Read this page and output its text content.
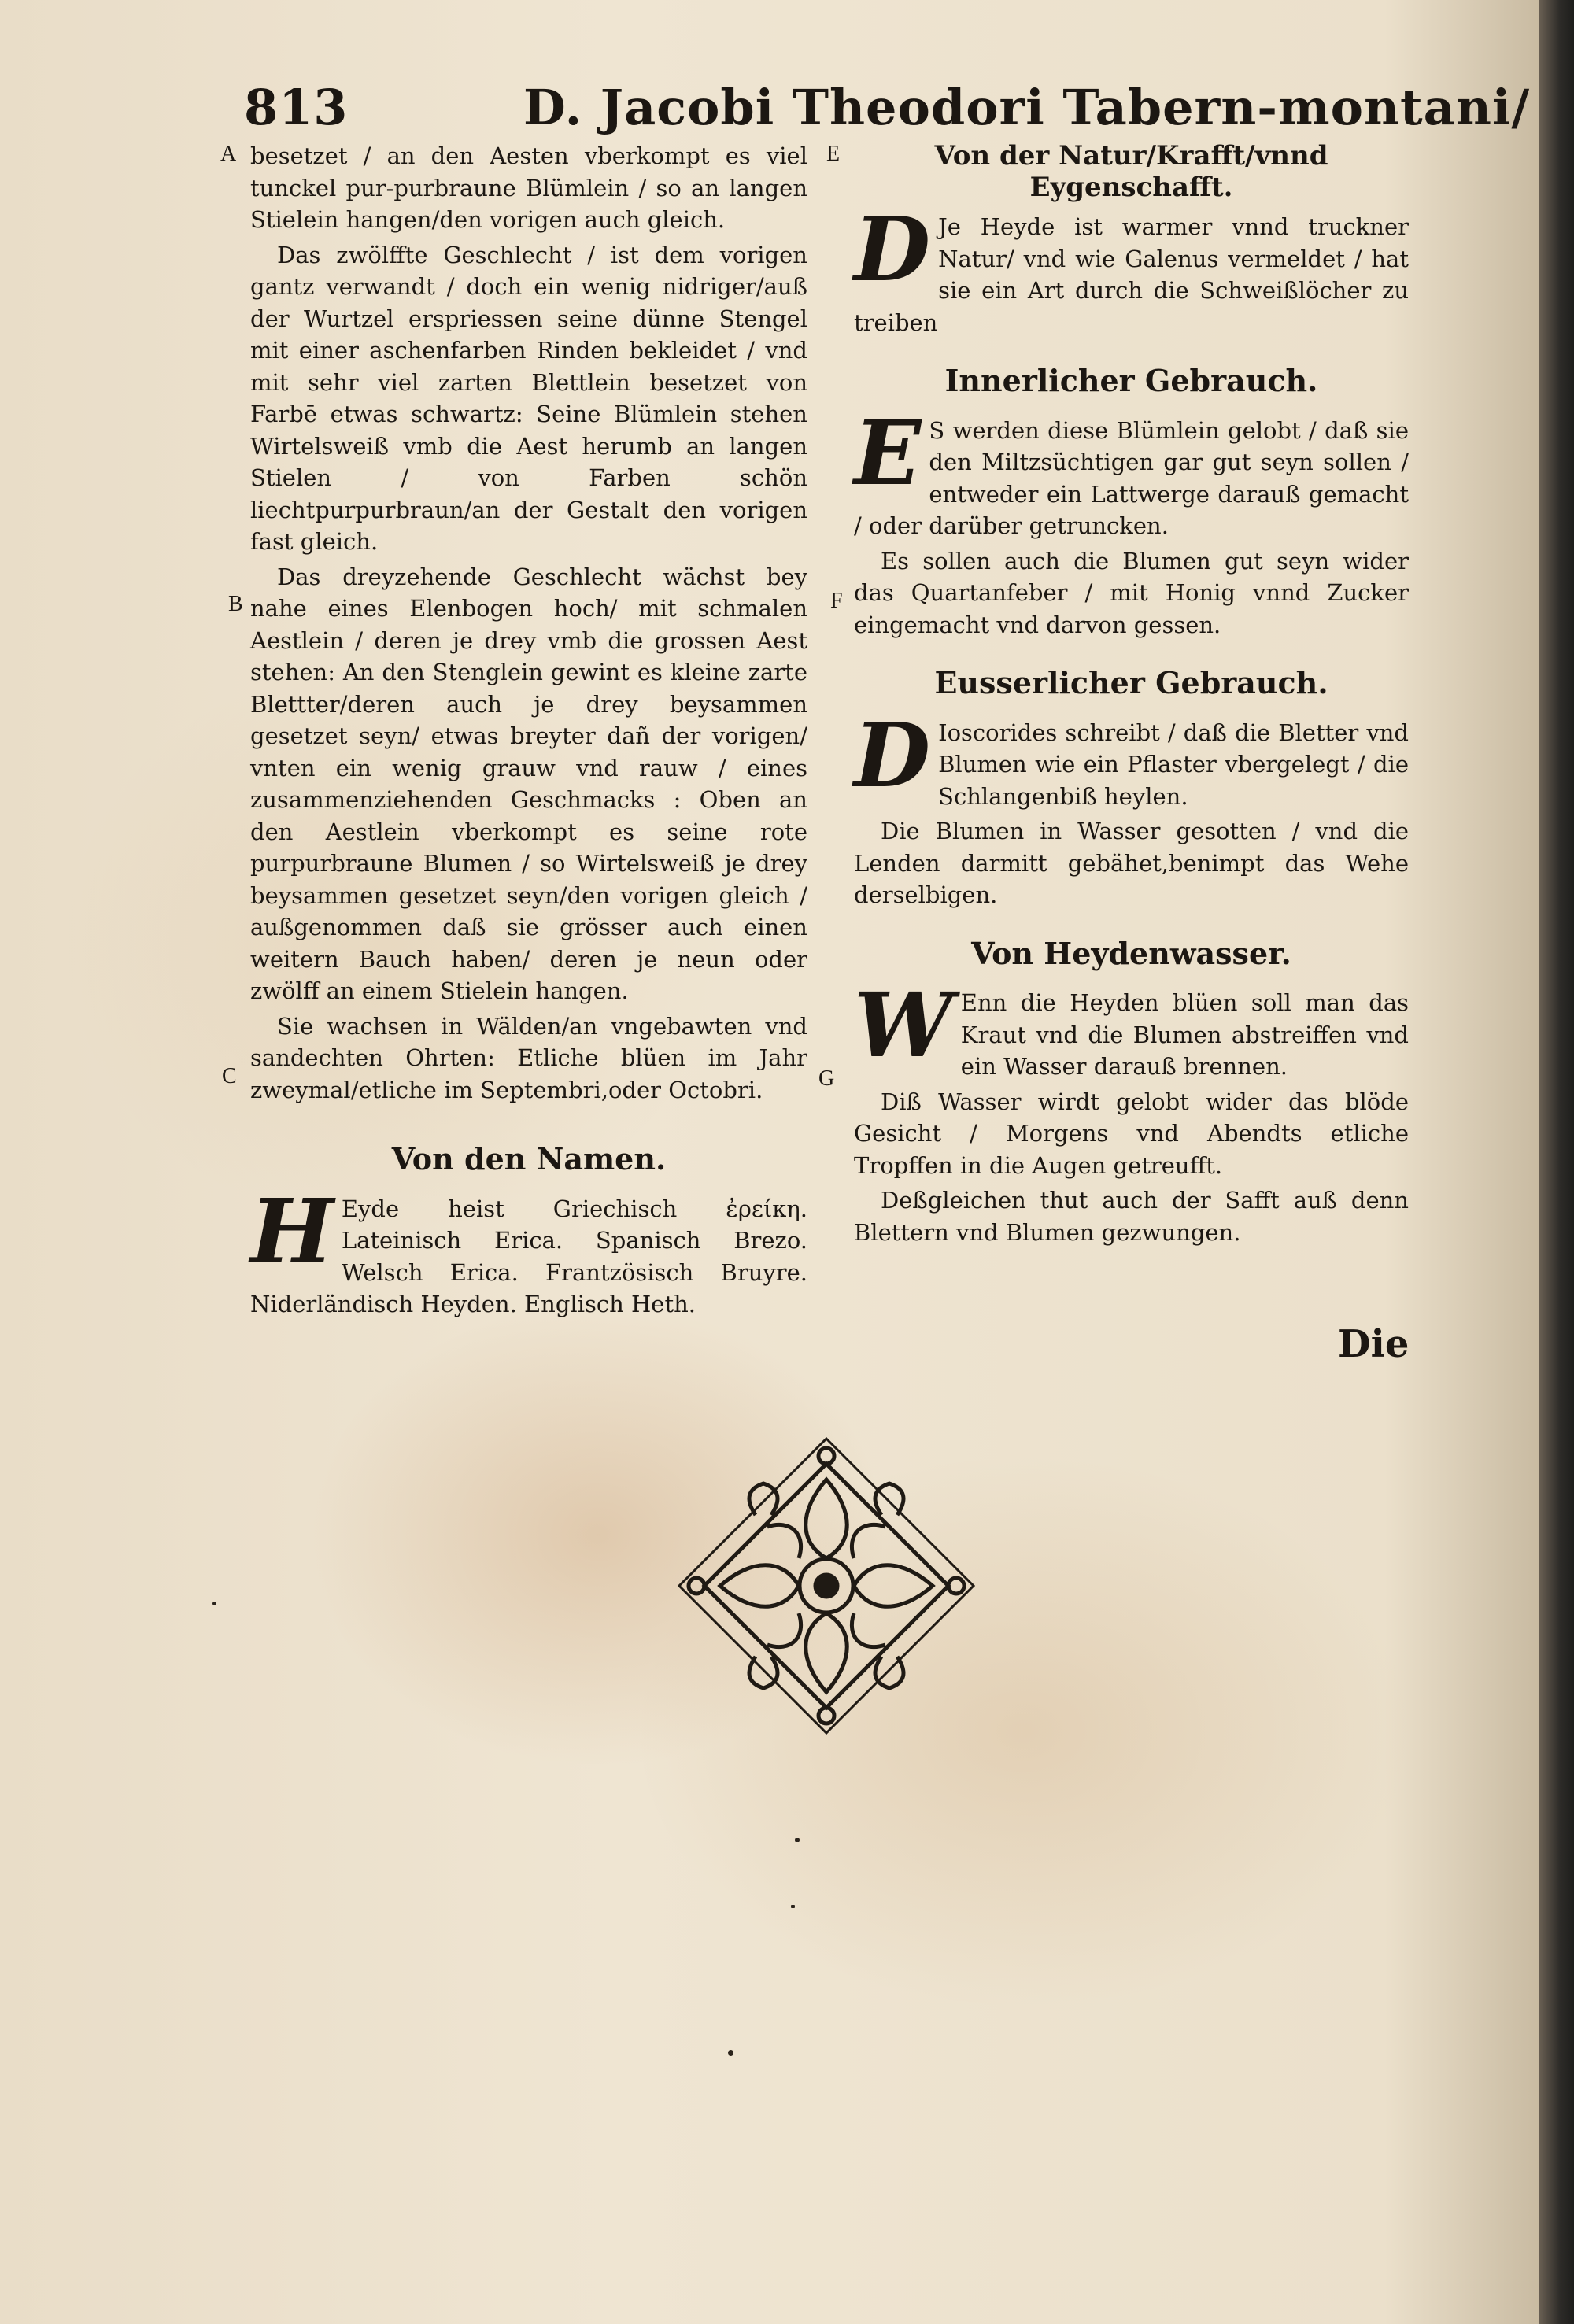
813	D. Jacobi Theodori Tabern-montani/
A
B
C
E
F
G

besetzet / an den Aesten vberkompt es viel tunckel pur-purbraune Blümlein / so an langen Stielein hangen/den vorigen auch gleich.

Das zwölffte Geschlecht / ist dem vorigen gantz verwandt / doch ein wenig nidriger/auß der Wurtzel erspriessen seine dünne Stengel mit einer aschenfarben Rinden bekleidet / vnd mit sehr viel zarten Blettlein besetzet von Farbē etwas schwartz: Seine Blümlein stehen Wirtelsweiß vmb die Aest herumb an langen Stielen / von Farben schön liechtpurpurbraun/an der Gestalt den vorigen fast gleich.

Das dreyzehende Geschlecht wächst bey nahe eines Elenbogen hoch/ mit schmalen Aestlein / deren je drey vmb die grossen Aest stehen: An den Stenglein gewint es kleine zarte Blettter/deren auch je drey beysammen gesetzet seyn/ etwas breyter dañ der vorigen/ vnten ein wenig grauw vnd rauw / eines zusammenziehenden Geschmacks : Oben an den Aestlein vberkompt es seine rote purpurbraune Blumen / so Wirtelsweiß je drey beysammen gesetzet seyn/den vorigen gleich / außgenommen daß sie grösser auch einen weitern Bauch haben/ deren je neun oder zwölff an einem Stielein hangen.

Sie wachsen in Wälden/an vngebawten vnd sandechten Ohrten: Etliche blüen im Jahr zweymal/etliche im Septembri,oder Octobri.

Von den Namen.

H Eyde heist Griechisch ἐρείκη. Lateinisch Erica. Spanisch Brezo. Welsch Erica. Frantzösisch Bruyre. Niderländisch Heyden. Englisch Heth.

Von der Natur/Krafft/vnnd Eygenschafft.

D Je Heyde ist warmer vnnd truckner Natur/ vnd wie Galenus vermeldet / hat sie ein Art durch die Schweißlöcher zu treiben

Innerlicher Gebrauch.

E S werden diese Blümlein gelobt / daß sie den Miltzsüchtigen gar gut seyn sollen / entweder ein Lattwerge darauß gemacht / oder darüber getruncken.

Es sollen auch die Blumen gut seyn wider das Quartanfeber / mit Honig vnnd Zucker eingemacht vnd darvon gessen.

Eusserlicher Gebrauch.

D Ioscorides schreibt / daß die Bletter vnd Blumen wie ein Pflaster vbergelegt / die Schlangenbiß heylen.

Die Blumen in Wasser gesotten / vnd die Lenden darmitt gebähet,benimpt das Wehe derselbigen.

Von Heydenwasser.

W Enn die Heyden blüen soll man das Kraut vnd die Blumen abstreiffen vnd ein Wasser darauß brennen.

Diß Wasser wirdt gelobt wider das blöde Gesicht / Morgens vnd Abendts etliche Tropffen in die Augen getreufft.

Deßgleichen thut auch der Safft auß denn Blettern vnd Blumen gezwungen.

Die
